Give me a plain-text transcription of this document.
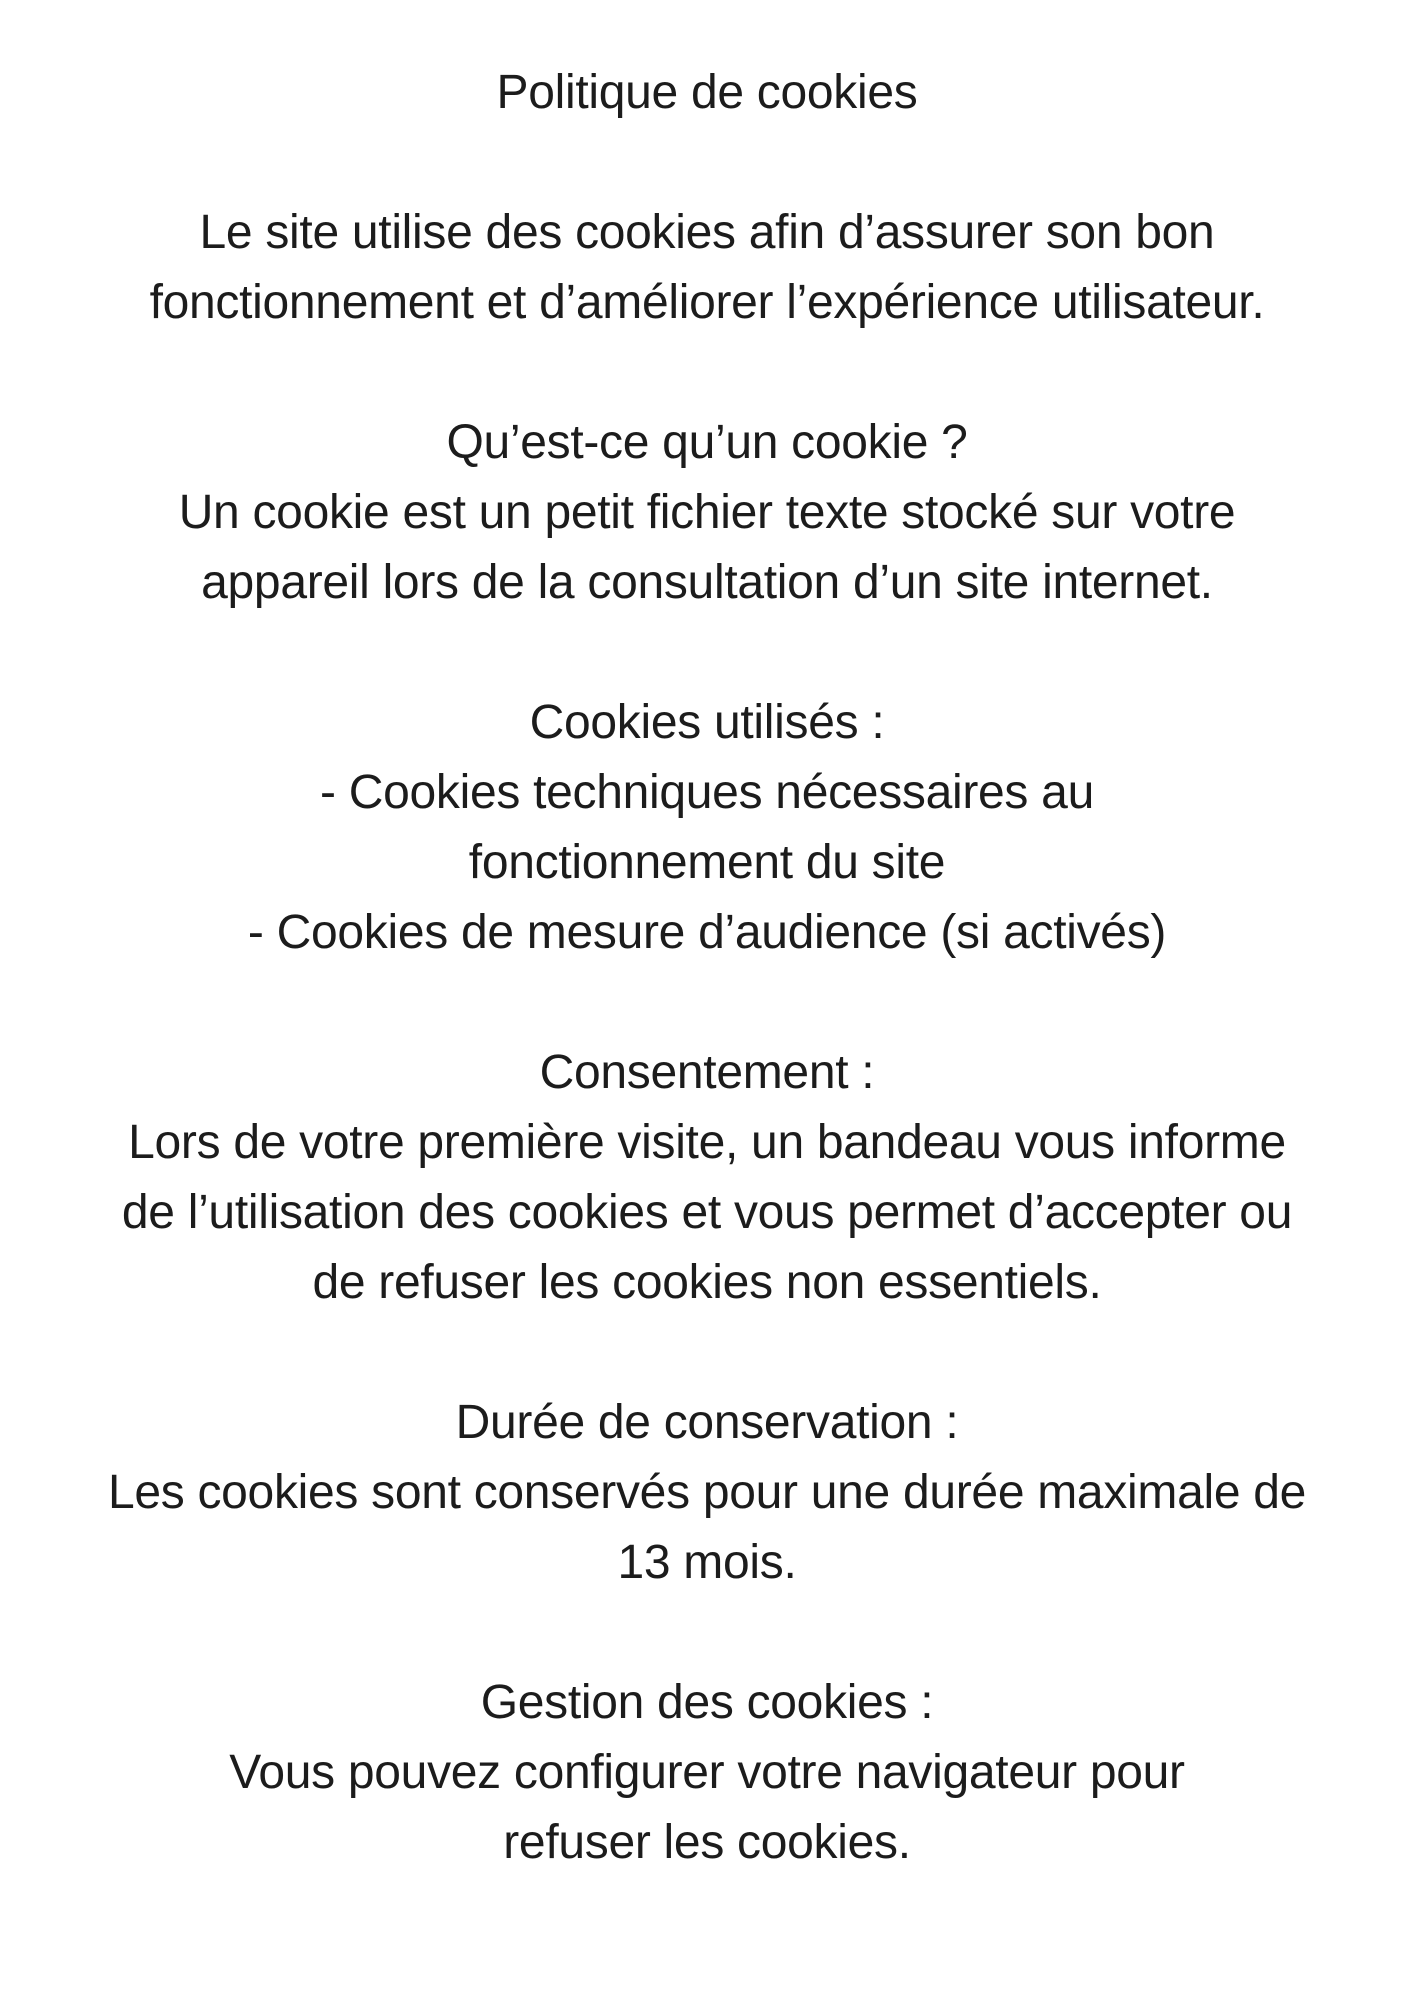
Politique de cookies
Le site utilise des cookies afin d’assurer son bon
fonctionnement et d’améliorer l’expérience utilisateur.
Qu’est-ce qu’un cookie ?
Un cookie est un petit fichier texte stocké sur votre
appareil lors de la consultation d’un site internet.
Cookies utilisés :
- Cookies techniques nécessaires au
fonctionnement du site
- Cookies de mesure d’audience (si activés)
Consentement :
Lors de votre première visite, un bandeau vous informe
de l’utilisation des cookies et vous permet d’accepter ou
de refuser les cookies non essentiels.
Durée de conservation :
Les cookies sont conservés pour une durée maximale de
13 mois.
Gestion des cookies :
Vous pouvez configurer votre navigateur pour
refuser les cookies.
